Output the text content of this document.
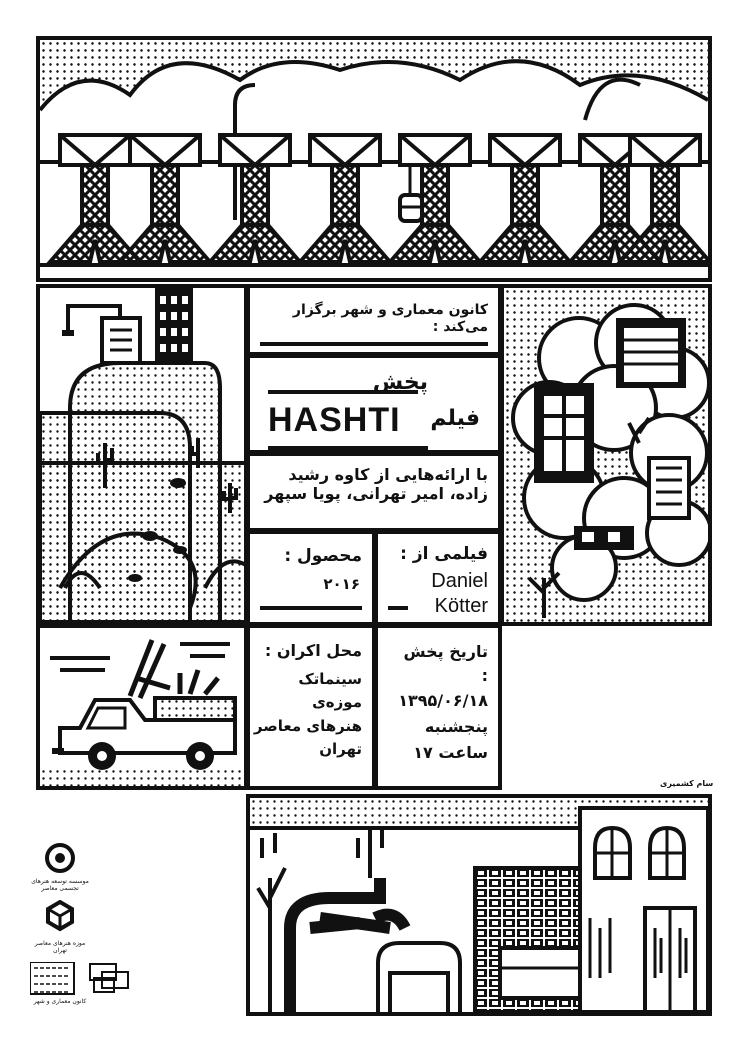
کانون معماری و شهر برگزار می‌کند :
پخش
HASHTI فیلم
با ارائه‌هایی از کاوه رشید زاده، امیر تهرانی، پویا سپهر
محصول :
۲۰۱۶
فیلمی از :
Daniel
Kötter
محل اکران :
سینماتک موزه‌ی هنرهای معاصر تهران
تاریخ پخش :
۱۳۹۵/۰۶/۱۸
پنجشنبه
ساعت ۱۷
سام کشمیری
موسسه توسعه هنرهای تجسمی معاصر
موزه هنرهای معاصر تهران
کانون معماری و شهر
